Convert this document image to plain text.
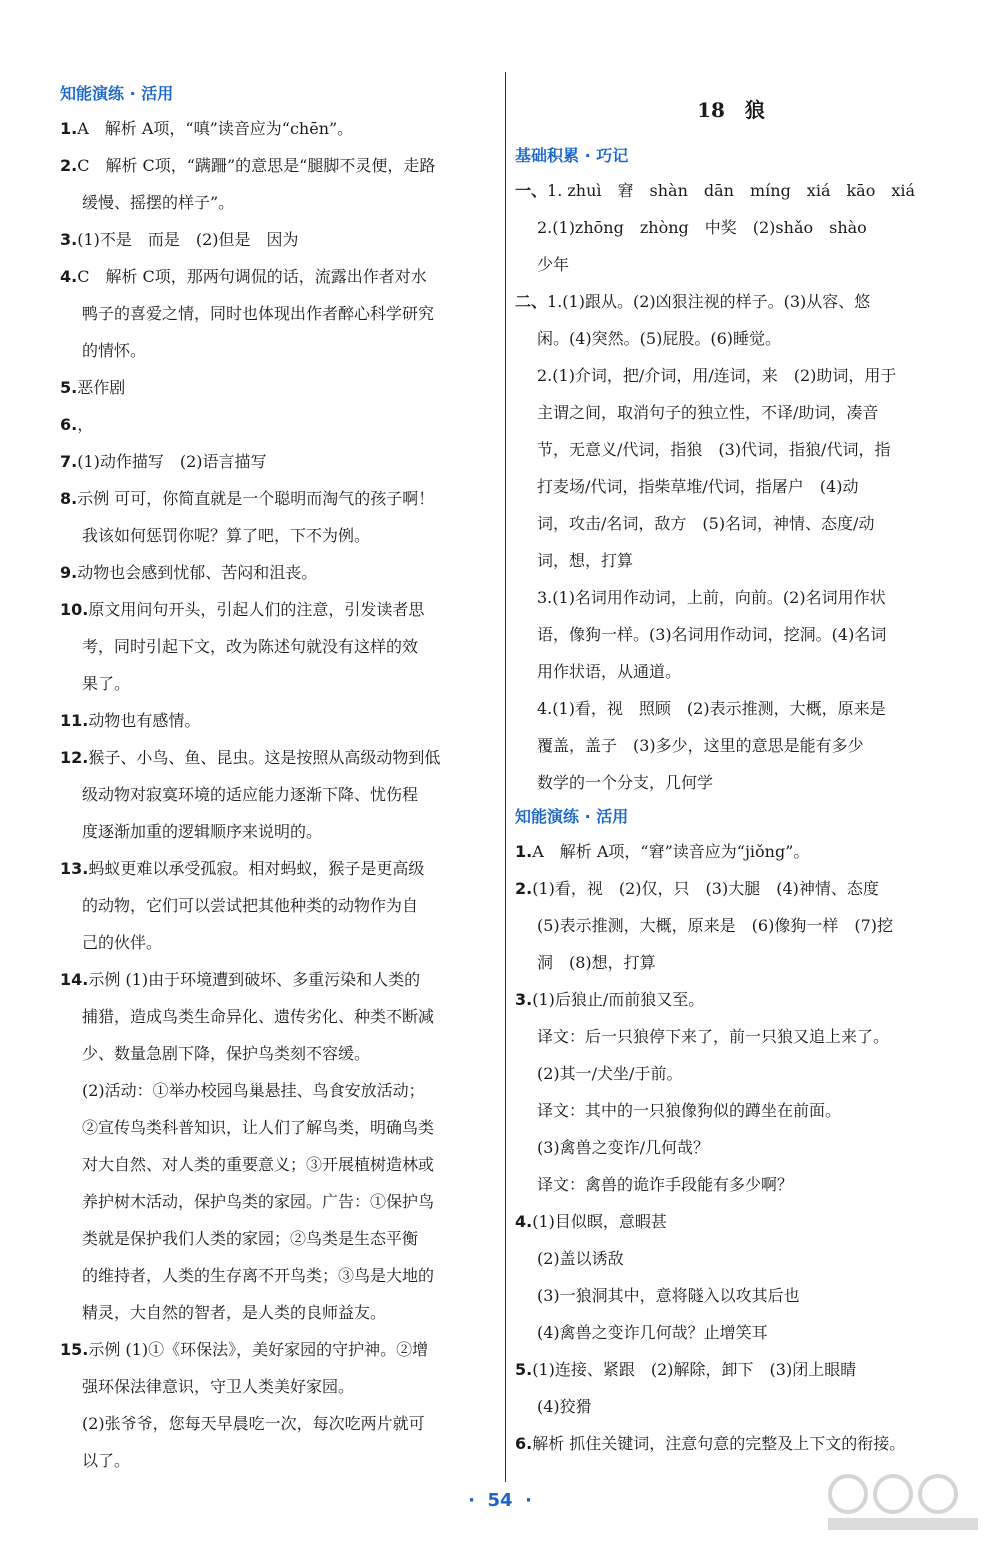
知能演练 · 活用
1.A　解析 A项，“嗔”读音应为“chēn”。
2.C　解析 C项，“蹒跚”的意思是“腿脚不灵便，走路
缓慢、摇摆的样子”。
3.(1)不是　而是　(2)但是　因为
4.C　解析 C项，那两句调侃的话，流露出作者对水
鸭子的喜爱之情，同时也体现出作者醉心科学研究
的情怀。
5.恶作剧
6.，
7.(1)动作描写　(2)语言描写
8.示例 可可，你简直就是一个聪明而淘气的孩子啊！
我该如何惩罚你呢？算了吧，下不为例。
9.动物也会感到忧郁、苦闷和沮丧。
10.原文用问句开头，引起人们的注意，引发读者思
考，同时引起下文，改为陈述句就没有这样的效
果了。
11.动物也有感情。
12.猴子、小鸟、鱼、昆虫。这是按照从高级动物到低
级动物对寂寞环境的适应能力逐渐下降、忧伤程
度逐渐加重的逻辑顺序来说明的。
13.蚂蚁更难以承受孤寂。相对蚂蚁，猴子是更高级
的动物，它们可以尝试把其他种类的动物作为自
己的伙伴。
14.示例 (1)由于环境遭到破坏、多重污染和人类的
捕猎，造成鸟类生命异化、遗传劣化、种类不断减
少、数量急剧下降，保护鸟类刻不容缓。
(2)活动：①举办校园鸟巢悬挂、鸟食安放活动；
②宣传鸟类科普知识，让人们了解鸟类，明确鸟类
对大自然、对人类的重要意义；③开展植树造林或
养护树木活动，保护鸟类的家园。广告：①保护鸟
类就是保护我们人类的家园；②鸟类是生态平衡
的维持者，人类的生存离不开鸟类；③鸟是大地的
精灵，大自然的智者，是人类的良师益友。
15.示例 (1)①《环保法》，美好家园的守护神。②增
强环保法律意识，守卫人类美好家园。
(2)张爷爷，您每天早晨吃一次，每次吃两片就可
以了。
18　狼
基础积累 · 巧记
一、1. zhuì　窘　shàn　dān　míng　xiá　kāo　xiá
2.(1)zhōng　zhòng　中奖　(2)shǎo　shào
少年
二、1.(1)跟从。(2)凶狠注视的样子。(3)从容、悠
闲。(4)突然。(5)屁股。(6)睡觉。
2.(1)介词，把/介词，用/连词，来　(2)助词，用于
主谓之间，取消句子的独立性，不译/助词，凑音
节，无意义/代词，指狼　(3)代词，指狼/代词，指
打麦场/代词，指柴草堆/代词，指屠户　(4)动
词，攻击/名词，敌方　(5)名词，神情、态度/动
词，想，打算
3.(1)名词用作动词，上前，向前。(2)名词用作状
语，像狗一样。(3)名词用作动词，挖洞。(4)名词
用作状语，从通道。
4.(1)看，视　照顾　(2)表示推测，大概，原来是
覆盖，盖子　(3)多少，这里的意思是能有多少
数学的一个分支，几何学
知能演练 · 活用
1.A　解析 A项，“窘”读音应为“jiǒng”。
2.(1)看，视　(2)仅，只　(3)大腿　(4)神情、态度
(5)表示推测，大概，原来是　(6)像狗一样　(7)挖
洞　(8)想，打算
3.(1)后狼止/而前狼又至。
译文：后一只狼停下来了，前一只狼又追上来了。
(2)其一/犬坐/于前。
译文：其中的一只狼像狗似的蹲坐在前面。
(3)禽兽之变诈/几何哉？
译文：禽兽的诡诈手段能有多少啊？
4.(1)目似瞑，意暇甚
(2)盖以诱敌
(3)一狼洞其中，意将隧入以攻其后也
(4)禽兽之变诈几何哉？止增笑耳
5.(1)连接、紧跟　(2)解除，卸下　(3)闭上眼睛
(4)狡猾
6.解析 抓住关键词，注意句意的完整及上下文的衔接。
·  54  ·
